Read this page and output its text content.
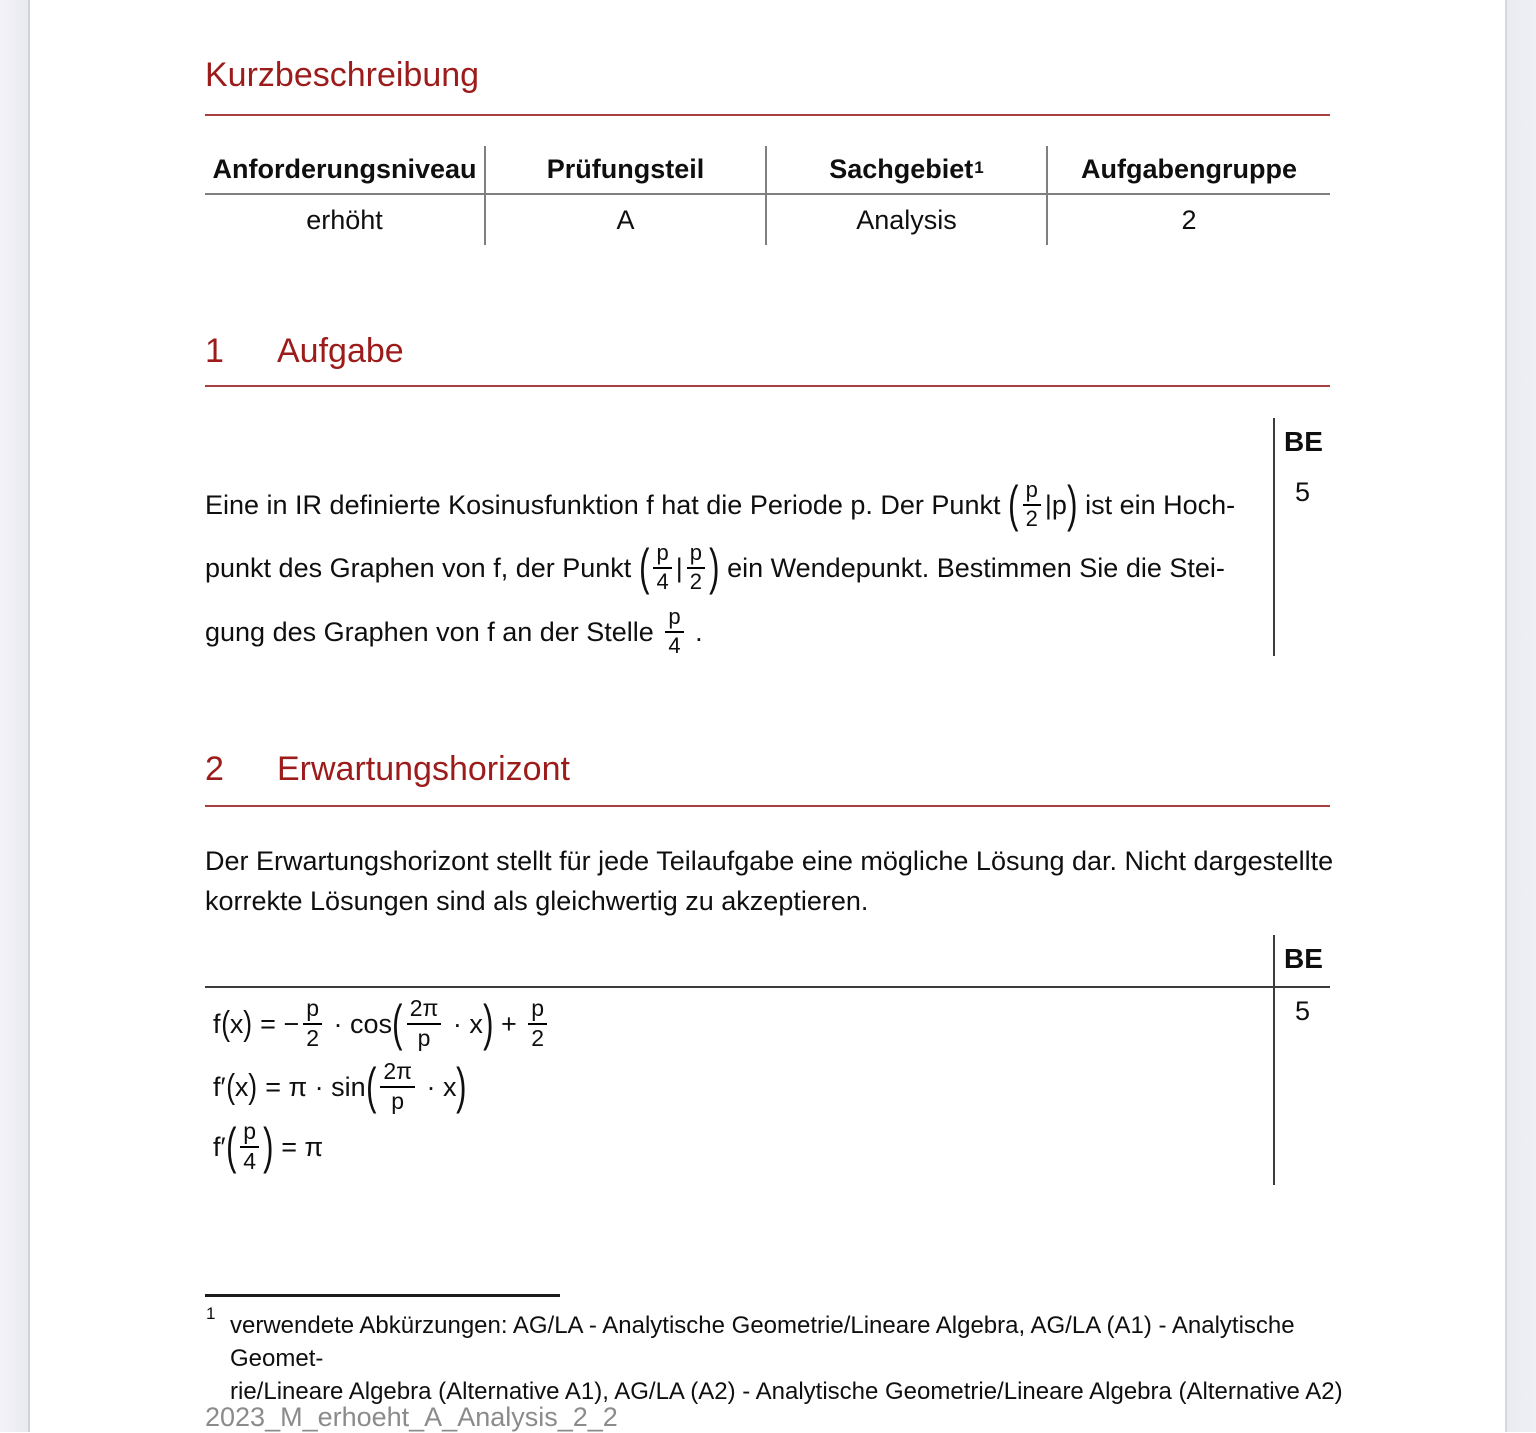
Kurzbeschreibung
Anforderungsniveau	Prüfungsteil	Sachgebiet 1	Aufgabengruppe
erhöht	A	Analysis	2
1 Aufgabe
BE
5
Eine in IR definierte Kosinusfunktion f hat die Periode p. Der Punkt ( $\frac{p}{2} |p$ ) ist ein Hoch-
punkt des Graphen von f, der Punkt ( $\frac{p}{4}$ | $\frac{p}{2}$ ) ein Wendepunkt. Bestimmen Sie die Stei-
gung des Graphen von f an der Stelle $\frac{p}{4}$ .
2 Erwartungshorizont
Der Erwartungshorizont stellt für jede Teilaufgabe eine mögliche Lösung dar. Nicht dargestellte
korrekte Lösungen sind als gleichwertig zu akzeptieren.
BE
5
f ( x ) = − $\frac{p}{2} \cdot \cos$ ( $\frac{2\pi}{p} \cdot x$ ) + $\frac{p}{2}$
f′ ( x ) = π · sin ( $\frac{2\pi}{p} \cdot x$ )
f′ ( $\frac{p}{4}$ ) = π
1 verwendete Abkürzungen: AG/LA - Analytische Geometrie/Lineare Algebra, AG/LA (A1) - Analytische Geomet-
rie/Lineare Algebra (Alternative A1), AG/LA (A2) - Analytische Geometrie/Lineare Algebra (Alternative A2)
2023_M_erhoeht_A_Analysis_2_2
